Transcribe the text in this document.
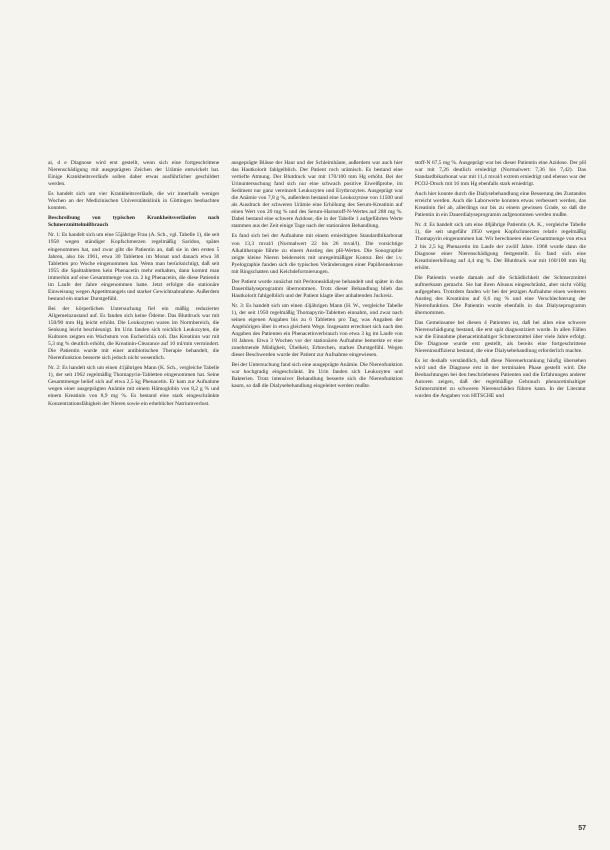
ai, d e Diagnose wird erst gestellt, wenn sich eine fortgeschrittene Nierenschädigung mit ausgeprägten Zeichen der Urämie entwickelt hat. Einige Krankheitsverläufe sollen daher etwas ausführlicher geschildert werden.

Es handelt sich um vier Krankheitsverläufe, die wir innerhalb weniger Wochen an der Medizinischen Universitätsklinik in Göttingen beobachten konnten.

Beschreibung von typischen Krankheitsverläufen nach Schmerzmittelmißbrauch

Nr. 1: Es handelt sich um eine 55jährige Frau (A. Sch., vgl. Tabelle 1), die seit 1958 wegen ständiger Kopfschmerzen regelmäßig Saridon, später eingenommen hat, und zwar gibt die Patientin an, daß sie in den ersten 5 Jahren, also bis 1961, etwa 30 Tabletten im Monat und danach etwa 30 Tabletten pro Woche eingenommen hat. Wenn man berücksichtigt, daß seit 1955 die Spalttabletten kein Phenacetin mehr enthalten, dann kommt man immerhin auf eine Gesamtmenge von ca. 2 kg Phenacetin, die diese Patientin im Laufe der Jahre eingenommen hatte. Jetzt erfolgte die stationäre Einweisung wegen Appetitmangels und starker Gewichtsabnahme. Außerdem bestand ein starker Durstgefühl.

Bei der körperlichen Untersuchung fiel ein mäßig reduzierter Allgemeinzustand auf. Es fanden sich keine Ödeme. Das Blutdruck war mit 150/90 mm Hg leicht erhöht. Die Leukozyten waren im Normbereich, die Senkung leicht beschleunigt. Im Urin fanden sich reichlich Leukozyten, die Kulturen zeigten ein Wachstum von Escherichia coli. Das Kreatinin war mit 5,3 mg % deutlich erhöht, die Kreatinin-Clearance auf 10 ml/min vermindert. Die Patientin wurde mit einer antibiotischen Therapie behandelt, die Nierenfunktion besserte sich jedoch nicht wesentlich.

Nr. 2: Es handelt sich um einen 41jährigen Mann (K. Sch., vergleiche Tabelle 1), der seit 1962 regelmäßig Thomapyrin-Tabletten eingenommen hat. Seine Gesamtmenge belief sich auf etwa 2,5 kg Phenacetin. Er kam zur Aufnahme wegen einer ausgeprägten Anämie mit einem Hämoglobin von 8,2 g % und einem Kreatinin von 8,9 mg %. Es bestand eine stark eingeschränkte Konzentrationsfähigkeit der Nieren sowie ein erheblicher Natriumverlust.

ausgeprägte Blässe der Haut und der Schleimhäute, außerdem war auch hier das Hautkolorit fahlgelblich. Der Patient roch urämisch. Es bestand eine vertiefte Atmung. Der Blutdruck war mit 170/100 mm Hg erhöht. Bei der Urinuntersuchung fand sich nur eine schwach positive Eiweißprobe, im Sediment nur ganz vereinzelt Leukozyten und Erythrozyten. Ausgeprägt war die Anämie von 7,8 g %, außerdem bestand eine Leukozytose von 11500 und als Ausdruck der schweren Urämie eine Erhöhung des Serum-Kreatinin auf einen Wert von 20 mg % und des Serum-Harnstoff-N-Wertes auf 288 mg %. Dabei bestand eine schwere Azidose, die in der Tabelle 1 aufgeführten Werte stammen aus der Zeit einige Tage nach der stationären Behandlung.

Es fand sich bei der Aufnahme mit einem erniedrigten Standardbikarbonat von 13,3 mval/l (Normalwert 22 bis 26 mval/l). Die vorsichtige Alkalitherapie führte zu einem Anstieg des pH-Wertes. Die Sonographie zeigte kleine Nieren beiderseits mit unregelmäßiger Kontur. Bei der i.v. Pyelographie fanden sich die typischen Veränderungen einer Papillennekrose mit Ringschatten und Kelchdeformierungen.

Der Patient wurde zunächst mit Peritonealdialyse behandelt und später in das Dauerdialyseprogramm übernommen. Trotz dieser Behandlung blieb das Hautkolorit fahlgelblich und der Patient klagte über anhaltenden Juckreiz.

Nr. 3: Es handelt sich um einen 43jährigen Mann (H. W., vergleiche Tabelle 1), der seit 1950 regelmäßig Thomapyrin-Tabletten einnahm, und zwar nach seinen eigenen Angaben bis zu 6 Tabletten pro Tag, was Angaben der Angehörigen über in etwa gleichem Wege. Insgesamt errechnet sich nach den Angaben des Patienten ein Phenacetinverbrauch von etwa 3 kg im Laufe von 18 Jahren. Etwa 3 Wochen vor der stationären Aufnahme bemerkte er eine zunehmende Müdigkeit, Übelkeit, Erbrechen, starkes Durstgefühl. Wegen dieser Beschwerden wurde der Patient zur Aufnahme eingewiesen.

Bei der Untersuchung fand sich eine ausgeprägte Anämie. Die Nierenfunktion war hochgradig eingeschränkt. Im Urin fanden sich Leukozyten und Bakterien. Trotz intensiver Behandlung besserte sich die Nierenfunktion kaum, so daß die Dialysebehandlung eingeleitet werden mußte.

stoff-N 67,5 mg %. Ausgeprägt war bei dieser Patientin eine Azidose. Der pH war mit 7,26 deutlich erniedrigt (Normalwert: 7,36 bis 7,42). Das Standardbikarbonat war mit 11,4 mval/l extrem erniedrigt und ebenso war der PCO2-Druck mit 16 mm Hg ebenfalls stark erniedrigt.

Auch hier konnte durch die Dialysebehandlung eine Besserung des Zustandes erreicht werden. Auch die Laborwerte konnten etwas verbessert werden, das Kreatinin fiel ab, allerdings nur bis zu einem gewissen Grade, so daß die Patientin in ein Dauerdialyseprogramm aufgenommen werden mußte.

Nr. 4: Es handelt sich um eine 48jährige Patientin (A. K., vergleiche Tabelle 1), die seit ungefähr 1950 wegen Kopfschmerzen relativ regelmäßig Thomapyrin eingenommen hat. Wir berechneten eine Gesamtmenge von etwa 2 bis 2,5 kg Phenacetin im Laufe der zwölf Jahre. 1968 wurde dann die Diagnose einer Nierenschädigung festgestellt. Es fand sich eine Kreatininerhöhung auf 4,4 mg %. Der Blutdruck war mit 160/100 mm Hg erhöht.

Die Patientin wurde damals auf die Schädlichkeit der Schmerzmittel aufmerksam gemacht. Sie hat ihren Abusus eingeschränkt, aber nicht völlig aufgegeben. Trotzdem fanden wir bei der jetzigen Aufnahme einen weiteren Anstieg des Kreatinins auf 6,6 mg % und eine Verschlechterung der Nierenfunktion. Die Patientin wurde ebenfalls in das Dialyseprogramm übernommen.

Das Gemeinsame bei diesen 4 Patienten ist, daß bei allen eine schwere Nierenschädigung bestand, die erst spät diagnostiziert wurde. In allen Fällen war die Einnahme phenacetinhaltiger Schmerzmittel über viele Jahre erfolgt. Die Diagnose wurde erst gestellt, als bereits eine fortgeschrittene Niereninsuffizienz bestand, die eine Dialysebehandlung erforderlich machte.

Es ist deshalb verständlich, daß diese Nierenerkrankung häufig übersehen wird und die Diagnose erst in der terminalen Phase gestellt wird. Die Beobachtungen bei den beschriebenen Patienten und die Erfahrungen anderer Autoren zeigen, daß der regelmäßige Gebrauch phenacetinhaltiger Schmerzmittel zu schweren Nierenschäden führen kann. In der Literatur wurden die Angaben von HITSCHE und

57
